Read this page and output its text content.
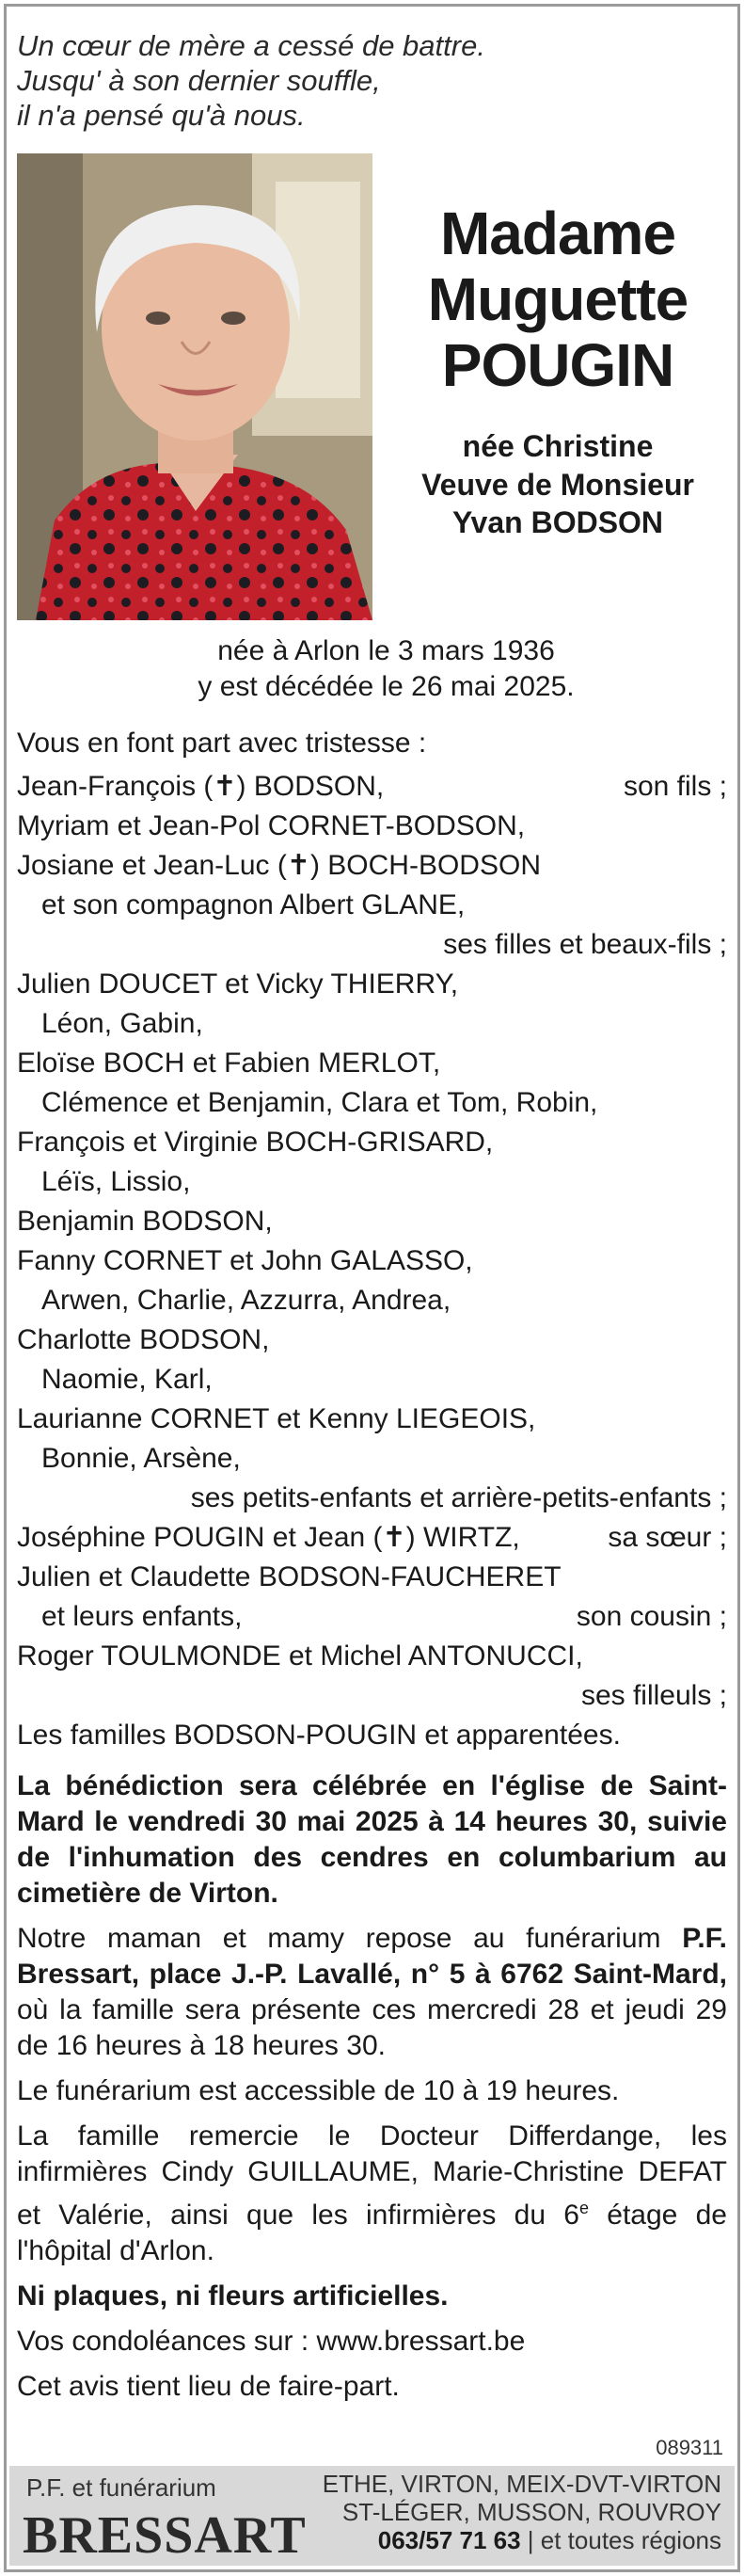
Un cœur de mère a cessé de battre.
Jusqu' à son dernier souffle,
il n'a pensé qu'à nous.
Madame
Muguette
POUGIN
née Christine
Veuve de Monsieur
Yvan BODSON
née à Arlon le 3 mars 1936
y est décédée le 26 mai 2025.
Vous en font part avec tristesse :
Jean-François (✝) BODSON,	son fils ;
Myriam et Jean-Pol CORNET-BODSON,
Josiane et Jean-Luc (✝) BOCH-BODSON
et son compagnon Albert GLANE,

ses filles et beaux-fils ;
Julien DOUCET et Vicky THIERRY,
Léon, Gabin,
Eloïse BOCH et Fabien MERLOT,
Clémence et Benjamin, Clara et Tom, Robin,
François et Virginie BOCH-GRISARD,
Léïs, Lissio,
Benjamin BODSON,
Fanny CORNET et John GALASSO,
Arwen, Charlie, Azzurra, Andrea,
Charlotte BODSON,
Naomie, Karl,
Laurianne CORNET et Kenny LIEGEOIS,
Bonnie, Arsène,

ses petits-enfants et arrière-petits-enfants ;
Joséphine POUGIN et Jean (✝) WIRTZ,	sa sœur ;
Julien et Claudette BODSON-FAUCHERET
et leurs enfants,	son cousin ;
Roger TOULMONDE et Michel ANTONUCCI,

ses filleuls ;
Les familles BODSON-POUGIN et apparentées.
La bénédiction sera célébrée en l'église de Saint-Mard le vendredi 30 mai 2025 à 14 heures 30, suivie de l'inhumation des cendres en columbarium au cimetière de Virton.
Notre maman et mamy repose au funérarium P.F. Bressart, place J.-P. Lavallé, n° 5 à 6762 Saint-Mard, où la famille sera présente ces mercredi 28 et jeudi 29 de 16 heures à 18 heures 30.
Le funérarium est accessible de 10 à 19 heures.
La famille remercie le Docteur Differdange, les infirmières Cindy GUILLAUME, Marie-Christine DEFAT et Valérie, ainsi que les infirmières du 6e étage de l'hôpital d'Arlon.
Ni plaques, ni fleurs artificielles.
Vos condoléances sur : www.bressart.be
Cet avis tient lieu de faire-part.
089311
P.F. et funérarium
BRESSART
ETHE, VIRTON, MEIX-DVT-VIRTON
ST-LÉGER, MUSSON, ROUVROY
063/57 71 63 | et toutes régions
